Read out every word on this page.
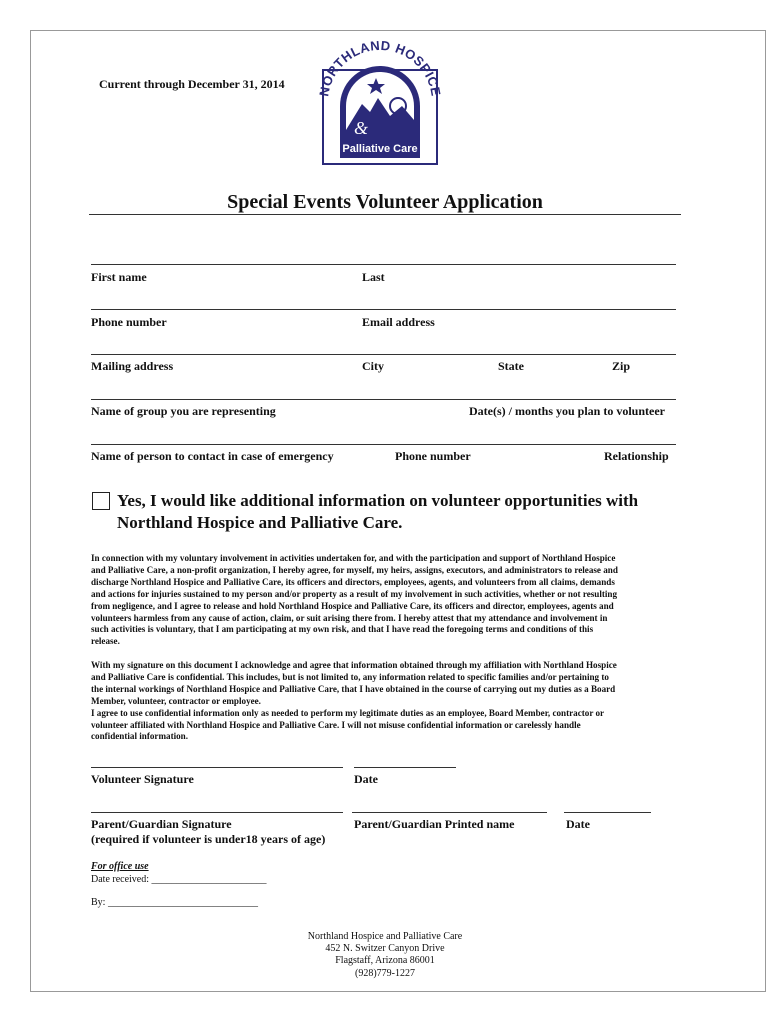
Current through December 31, 2014	ORTHLAND HOSPIC
&
Palliative Care
Special Events Volunteer Application
First name	Last
Phone number	Email address
Mailing address	City	State	Zip
Name of group you are representing	Date(s) / months you plan to volunteer
Name of person to contact in case of emergency	Phone number	Relationship
Yes, I would like additional information on volunteer opportunities with
Northland Hospice and Palliative Care.
In connection with my voluntary involvement in activities undertaken for, and with the participation and support of Northland Hospice
and Palliative Care, a non-profit organization, I hereby agree, for myself, my heirs, assigns, executors, and administrators to release and
discharge Northland Hospice and Palliative Care, its officers and directors, employees, agents, and volunteers from all claims, demands
and actions for injuries sustained to my person and/or property as a result of my involvement in such activities, whether or not resulting
from negligence, and I agree to release and hold Northland Hospice and Palliative Care, its officers and director, employees, agents and
volunteers harmless from any cause of action, claim, or suit arising there from. I hereby attest that my attendance and involvement in
such activities is voluntary, that I am participating at my own risk, and that I have read the foregoing terms and conditions of this
release.
With my signature on this document I acknowledge and agree that information obtained through my affiliation with Northland Hospice
and Palliative Care is confidential. This includes, but is not limited to, any information related to specific families and/or pertaining to
the internal workings of Northland Hospice and Palliative Care, that I have obtained in the course of carrying out my duties as a Board
Member, volunteer, contractor or employee.
I agree to use confidential information only as needed to perform my legitimate duties as an employee, Board Member, contractor or
volunteer affiliated with Northland Hospice and Palliative Care. I will not misuse confidential information or carelessly handle
confidential information.
Volunteer Signature	Date
Parent/Guardian Signature
(required if volunteer is under18 years of age)
Parent/Guardian Printed name	Date
For office use
Date received: _______________________
By: ______________________________
Northland Hospice and Palliative Care
452 N. Switzer Canyon Drive
Flagstaff, Arizona 86001
(928)779-1227
